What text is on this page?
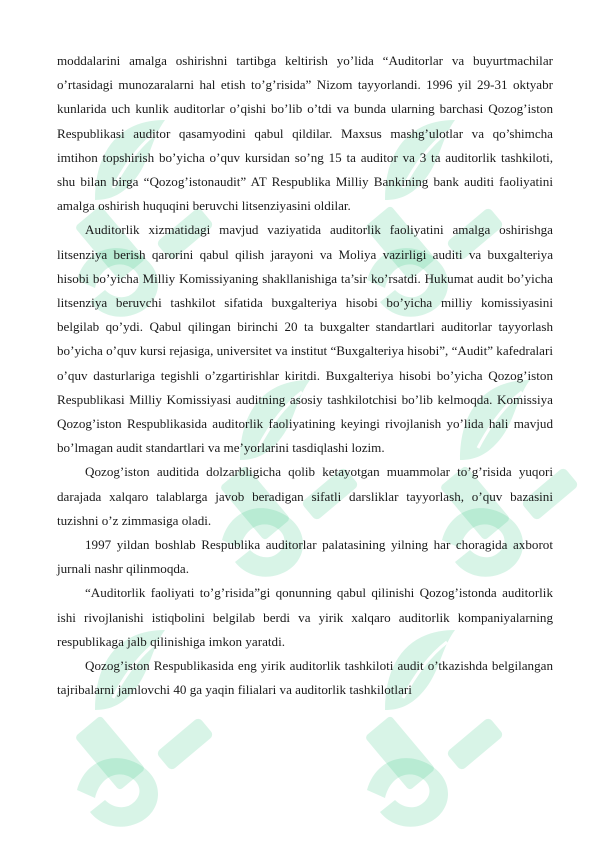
moddalarini amalga oshirishni tartibga keltirish yo’lida “Auditorlar va buyurtmachilar o’rtasidagi munozaralarni hal etish to’g’risida” Nizom tayyorlandi. 1996 yil 29-31 oktyabr kunlarida uch kunlik auditorlar o’qishi bo’lib o’tdi va bunda ularning barchasi Qozog’iston Respublikasi auditor qasamyodini qabul qildilar. Maxsus mashg’ulotlar va qo’shimcha imtihon topshirish bo’yicha o’quv kursidan so’ng 15 ta auditor va 3 ta auditorlik tashkiloti, shu bilan birga “Qozog’istonaudit” AT Respublika Milliy Bankining bank auditi faoliyatini amalga oshirish huquqini beruvchi litsenziyasini oldilar.

Auditorlik xizmatidagi mavjud vaziyatida auditorlik faoliyatini amalga oshirishga litsenziya berish qarorini qabul qilish jarayoni va Moliya vazirligi auditi va buxgalteriya hisobi bo’yicha Milliy Komissiyaning shakllanishiga ta’sir ko’rsatdi. Hukumat audit bo’yicha litsenziya beruvchi tashkilot sifatida buxgalteriya hisobi bo’yicha milliy komissiyasini belgilab qo’ydi. Qabul qilingan birinchi 20 ta buxgalter standartlari auditorlar tayyorlash bo’yicha o’quv kursi rejasiga, universitet va institut “Buxgalteriya hisobi”, “Audit” kafedralari o’quv dasturlariga tegishli o’zgartirishlar kiritdi. Buxgalteriya hisobi bo’yicha Qozog’iston Respublikasi Milliy Komissiyasi auditning asosiy tashkilotchisi bo’lib kelmoqda. Komissiya Qozog’iston Respublikasida auditorlik faoliyatining keyingi rivojlanish yo’lida hali mavjud bo’lmagan audit standartlari va me’yorlarini tasdiqlashi lozim.

Qozog’iston auditida dolzarbligicha qolib ketayotgan muammolar to’g’risida yuqori darajada xalqaro talablarga javob beradigan sifatli darsliklar tayyorlash, o’quv bazasini tuzishni o’z zimmasiga oladi.

1997 yildan boshlab Respublika auditorlar palatasining yilning har choragida axborot jurnali nashr qilinmoqda.

“Auditorlik faoliyati to’g’risida”gi qonunning qabul qilinishi Qozog’istonda auditorlik ishi rivojlanishi istiqbolini belgilab berdi va yirik xalqaro auditorlik kompaniyalarning respublikaga jalb qilinishiga imkon yaratdi.

Qozog’iston Respublikasida eng yirik auditorlik tashkiloti audit o’tkazishda belgilangan tajribalarni jamlovchi 40 ga yaqin filialari va auditorlik tashkilotlari
